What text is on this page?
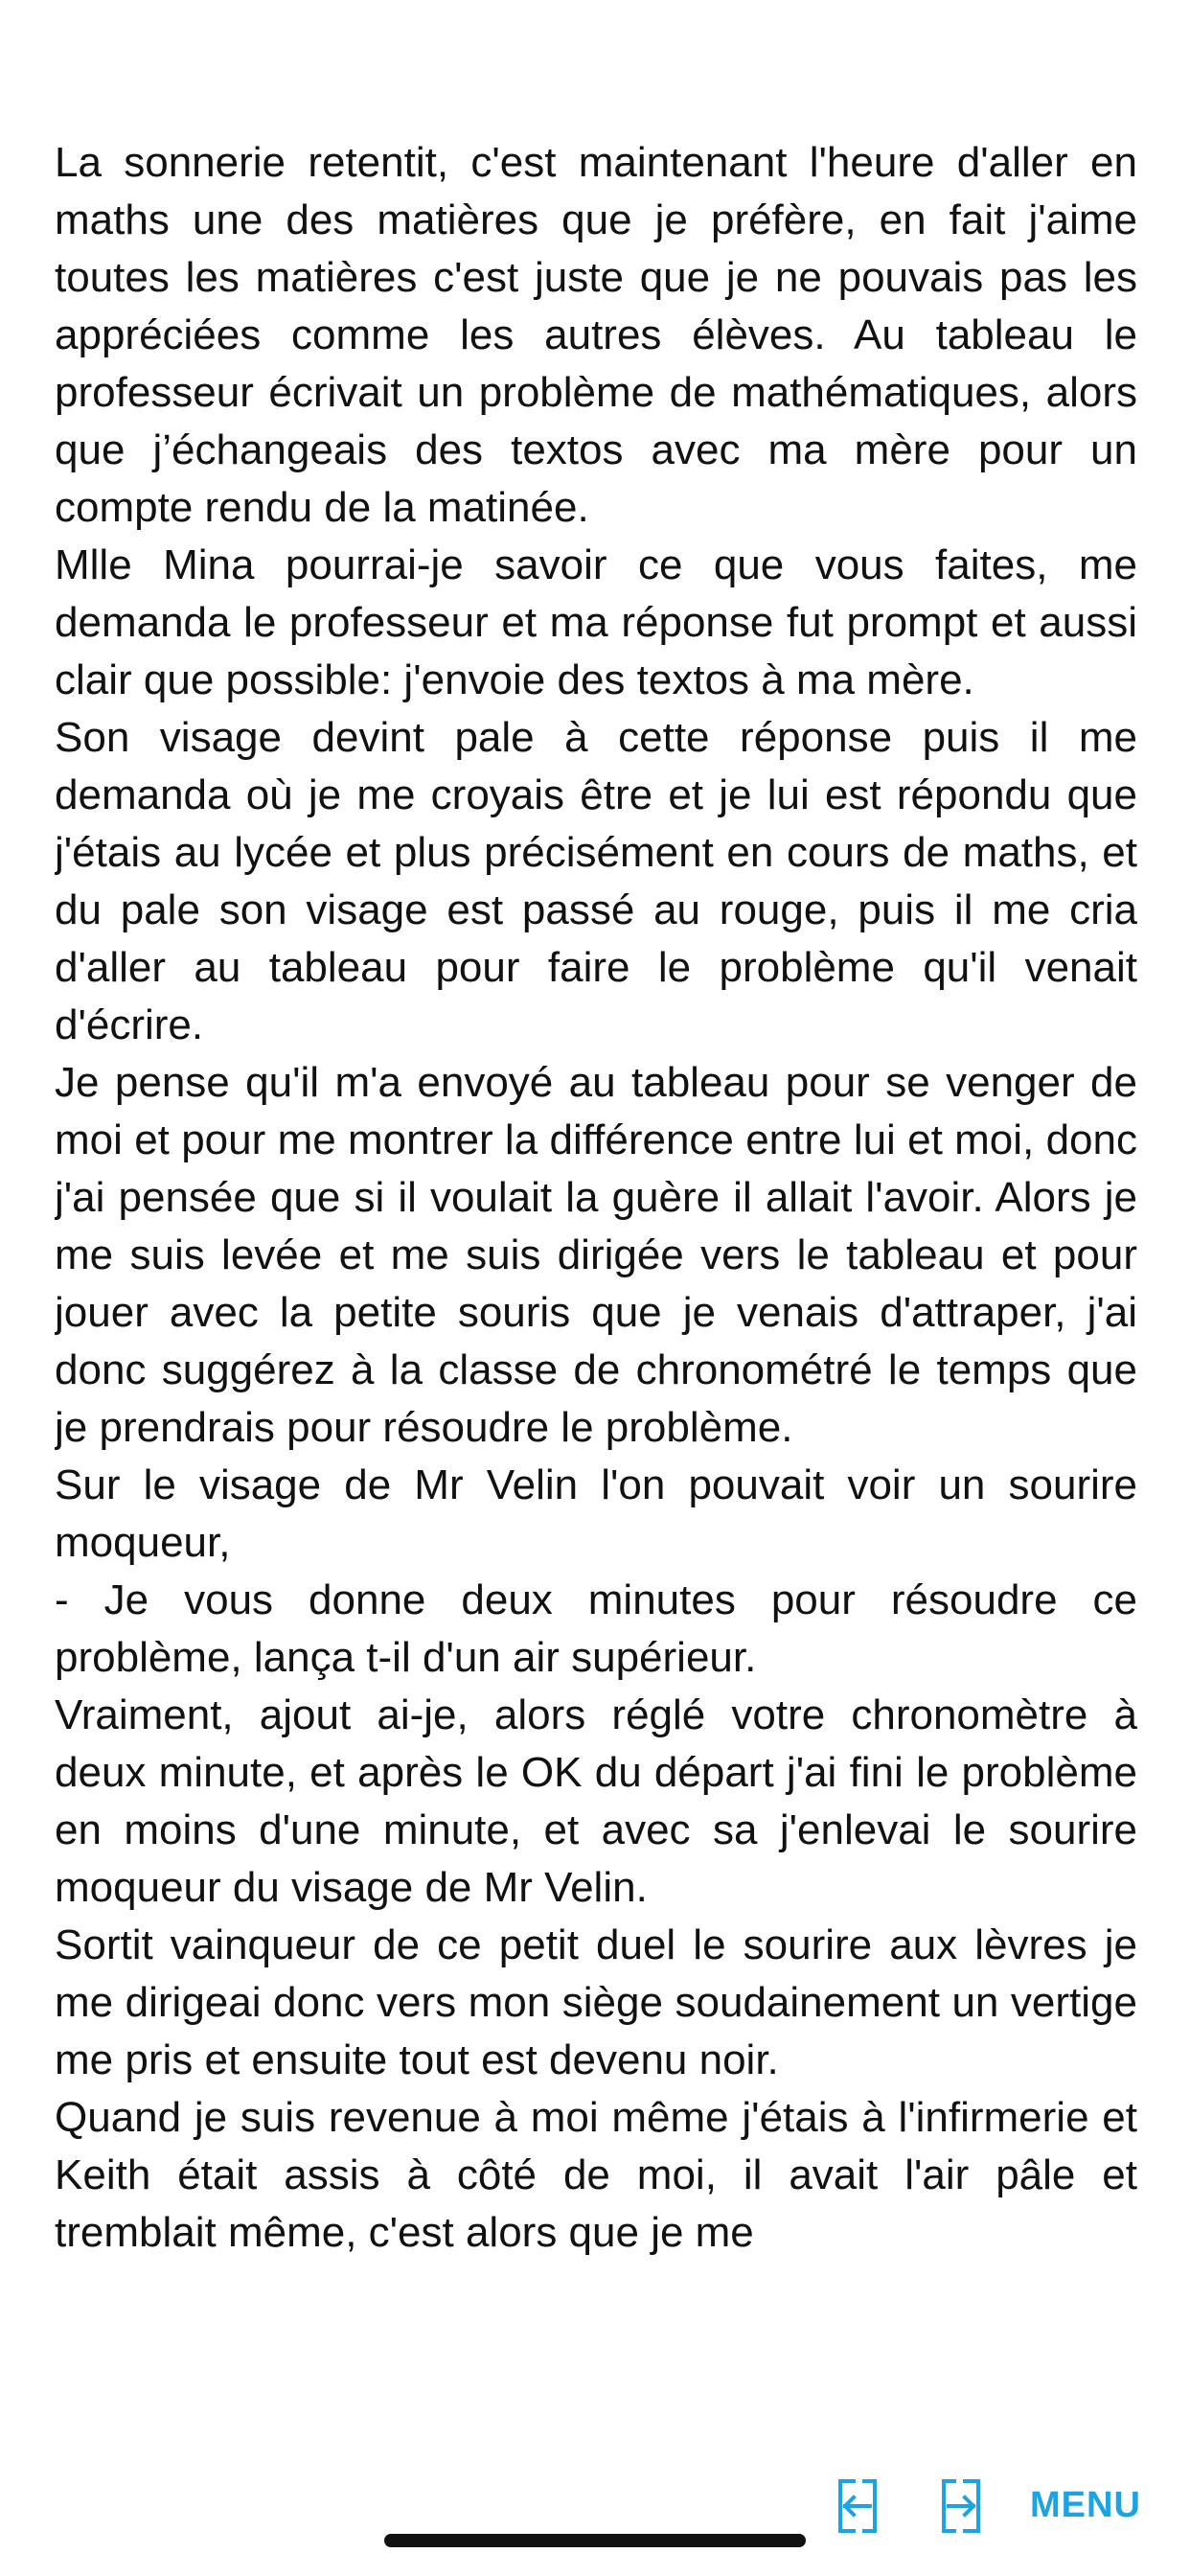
La sonnerie retentit, c'est maintenant l'heure d'aller en maths une des matières que je préfère, en fait j'aime toutes les matières c'est juste que je ne pouvais pas les appréciées comme les autres élèves. Au tableau le professeur écrivait un problème de mathématiques, alors que j’échangeais des textos avec ma mère pour un compte rendu de la matinée.

Mlle Mina pourrai-je savoir ce que vous faites, me demanda le professeur et ma réponse fut prompt et aussi clair que possible: j'envoie des textos à ma mère.

Son visage devint pale à cette réponse puis il me demanda où je me croyais être et je lui est répondu que j'étais au lycée et plus précisément en cours de maths, et du pale son visage est passé au rouge, puis il me cria d'aller au tableau pour faire le problème qu'il venait d'écrire.

Je pense qu'il m'a envoyé au tableau pour se venger de moi et pour me montrer la différence entre lui et moi, donc j'ai pensée que si il voulait la guère il allait l'avoir. Alors je me suis levée et me suis dirigée vers le tableau et pour jouer avec la petite souris que je venais d'attraper, j'ai donc suggérez à la classe de chronométré le temps que je prendrais pour résoudre le problème.

Sur le visage de Mr Velin l'on pouvait voir un sourire moqueur,

- Je vous donne deux minutes pour résoudre ce problème, lança t-il d'un air supérieur.

Vraiment, ajout ai-je, alors réglé votre chronomètre à deux minute, et après le OK du départ j'ai fini le problème en moins d'une minute, et avec sa j'enlevai le sourire moqueur du visage de Mr Velin.

Sortit vainqueur de ce petit duel le sourire aux lèvres je me dirigeai donc vers mon siège soudainement un vertige me pris et ensuite tout est devenu noir.

Quand je suis revenue à moi même j'étais à l'infirmerie et Keith était assis à côté de moi, il avait l'air pâle et tremblait même, c'est alors que je me

MENU
